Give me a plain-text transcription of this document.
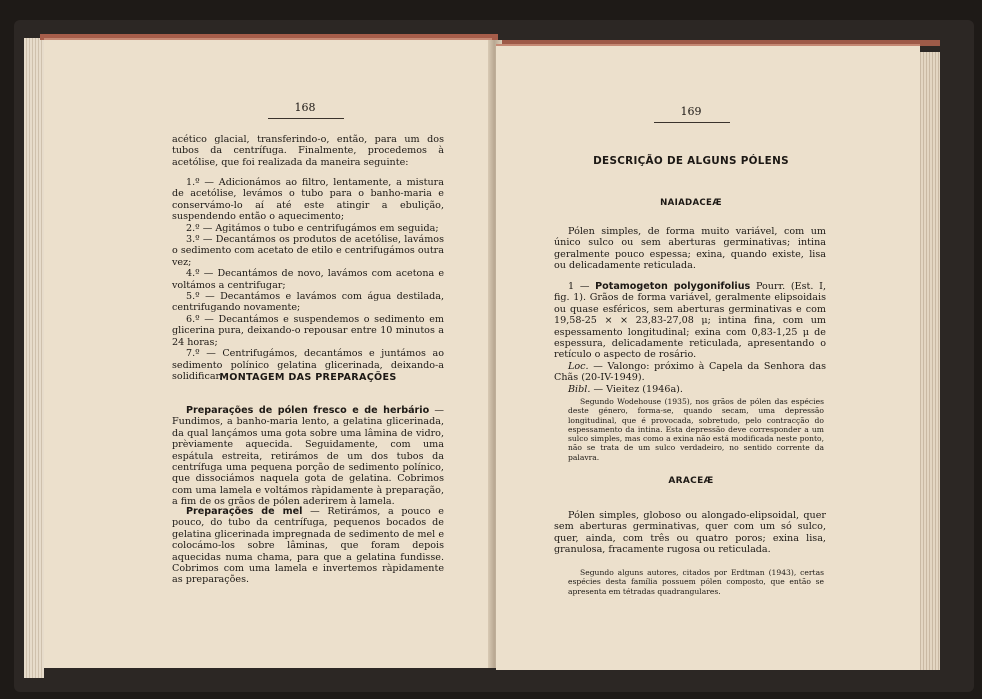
168

acético glacial, transferindo-o, então, para um dos tubos da centrífuga. Finalmente, procedemos à acetólise, que foi realizada da maneira seguinte:

1.º — Adicionámos ao filtro, lentamente, a mistura de acetólise, levámos o tubo para o banho-maria e conservámo-lo aí até este atingir a ebulição, suspendendo então o aquecimento;

2.º — Agitámos o tubo e centrifugámos em seguida;

3.º — Decantámos os produtos de acetólise, lavámos o sedimento com acetato de etilo e centrifugámos outra vez;

4.º — Decantámos de novo, lavámos com acetona e voltámos a centrifugar;

5.º — Decantámos e lavámos com água destilada, centrifugando novamente;

6.º — Decantámos e suspendemos o sedimento em glicerina pura, deixando-o repousar entre 10 minutos a 24 horas;

7.º — Centrifugámos, decantámos e juntámos ao sedimento polínico gelatina glicerinada, deixando-a solidificar.

MONTAGEM DAS PREPARAÇÕES

Preparações de pólen fresco e de herbário — Fundimos, a banho-maria lento, a gelatina glicerinada, da qual lançámos uma gota sobre uma lâmina de vidro, prèviamente aquecida. Seguidamente, com uma espátula estreita, retirámos de um dos tubos da centrífuga uma pequena porção de sedimento polínico, que dissociámos naquela gota de gelatina. Cobrimos com uma lamela e voltámos ràpidamente à preparação, a fim de os grãos de pólen aderirem à lamela.

Preparações de mel — Retirámos, a pouco e pouco, do tubo da centrífuga, pequenos bocados de gelatina glicerinada impregnada de sedimento de mel e colocámo-los sobre lâminas, que foram depois aquecidas numa chama, para que a gelatina fundisse. Cobrimos com uma lamela e invertemos ràpidamente as preparações.

169
DESCRIÇÃO DE ALGUNS PÓLENS
NAIADACEÆ

Pólen simples, de forma muito variável, com um único sulco ou sem aberturas germinativas; intina geralmente pouco espessa; exina, quando existe, lisa ou delicadamente reticulada.

1 — Potamogeton polygonifolius Pourr. (Est. I, fig. 1). Grãos de forma variável, geralmente elipsoidais ou quase esféricos, sem aberturas germinativas e com 19,58-25 × × 23,83-27,08 μ; intina fina, com um espessamento longitudinal; exina com 0,83-1,25 μ de espessura, delicadamente reticulada, apresentando o retículo o aspecto de rosário.

Loc. — Valongo: próximo à Capela da Senhora das Chãs (20-IV-1949).

Bibl. — Vieitez (1946a).

Segundo Wodehouse (1935), nos grãos de pólen das espécies deste género, forma-se, quando secam, uma depressão longitudinal, que é provocada, sobretudo, pelo contracção do espessamento da intina. Esta depressão deve corresponder a um sulco simples, mas como a exina não está modificada neste ponto, não se trata de um sulco verdadeiro, no sentido corrente da palavra.
ARACEÆ

Pólen simples, globoso ou alongado-elipsoidal, quer sem aberturas germinativas, quer com um só sulco, quer, ainda, com três ou quatro poros; exina lisa, granulosa, fracamente rugosa ou reticulada.

Segundo alguns autores, citados por Erdtman (1943), certas espécies desta família possuem pólen composto, que então se apresenta em tétradas quadrangulares.
